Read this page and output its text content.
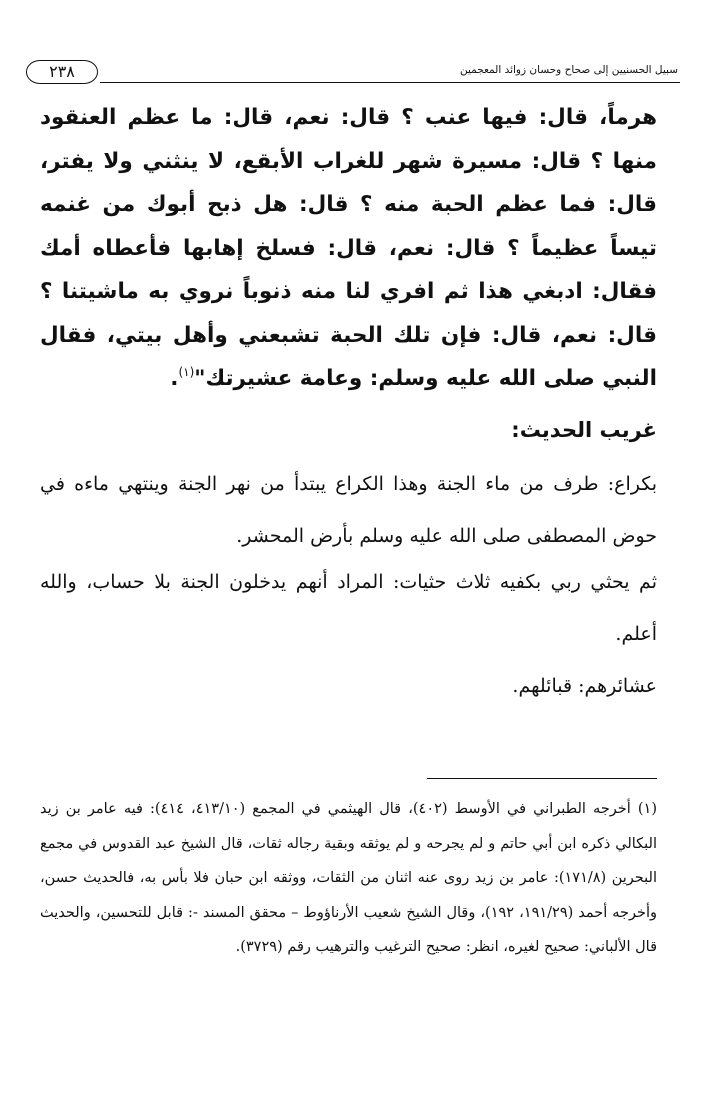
٢٣٨	سبيل الحسنيين إلى صحاح وحسان زوائد المعجمين

هرماً، قال: فيها عنب ؟ قال: نعم، قال: ما عظم العنقود منها ؟ قال: مسيرة شهر للغراب الأبقع، لا ينثني ولا يفتر، قال: فما عظم الحبة منه ؟ قال: هل ذبح أبوك من غنمه تيساً عظيماً ؟ قال: نعم، قال: فسلخ إهابها فأعطاه أمك فقال: ادبغي هذا ثم افري لنا منه ذنوباً نروي به ماشيتنا ؟ قال: نعم، قال: فإن تلك الحبة تشبعني وأهل بيتي، فقال النبي صلى الله عليه وسلم: وعامة عشيرتك"$^{(١)}$.

غريب الحديث:

بكراع: طرف من ماء الجنة وهذا الكراع يبتدأ من نهر الجنة وينتهي ماءه في حوض المصطفى صلى الله عليه وسلم بأرض المحشر.

ثم يحثي ربي بكفيه ثلاث حثيات: المراد أنهم يدخلون الجنة بلا حساب، والله أعلم.

عشائرهم: قبائلهم.

(١) أخرجه الطبراني في الأوسط (٤٠٢)، قال الهيثمي في المجمع (٤١٣/١٠، ٤١٤): فيه عامر بن زيد البكالي ذكره ابن أبي حاتم و لم يجرحه و لم يوثقه وبقية رجاله ثقات، قال الشيخ عبد القدوس في مجمع البحرين (١٧١/٨): عامر بن زيد روى عنه اثنان من الثقات، ووثقه ابن حبان فلا بأس به، فالحديث حسن، وأخرجه أحمد (١٩١/٢٩، ١٩٢)، وقال الشيخ شعيب الأرناؤوط – محقق المسند -: قابل للتحسين، والحديث قال الألباني: صحيح لغيره، انظر: صحيح الترغيب والترهيب رقم (٣٧٢٩).
